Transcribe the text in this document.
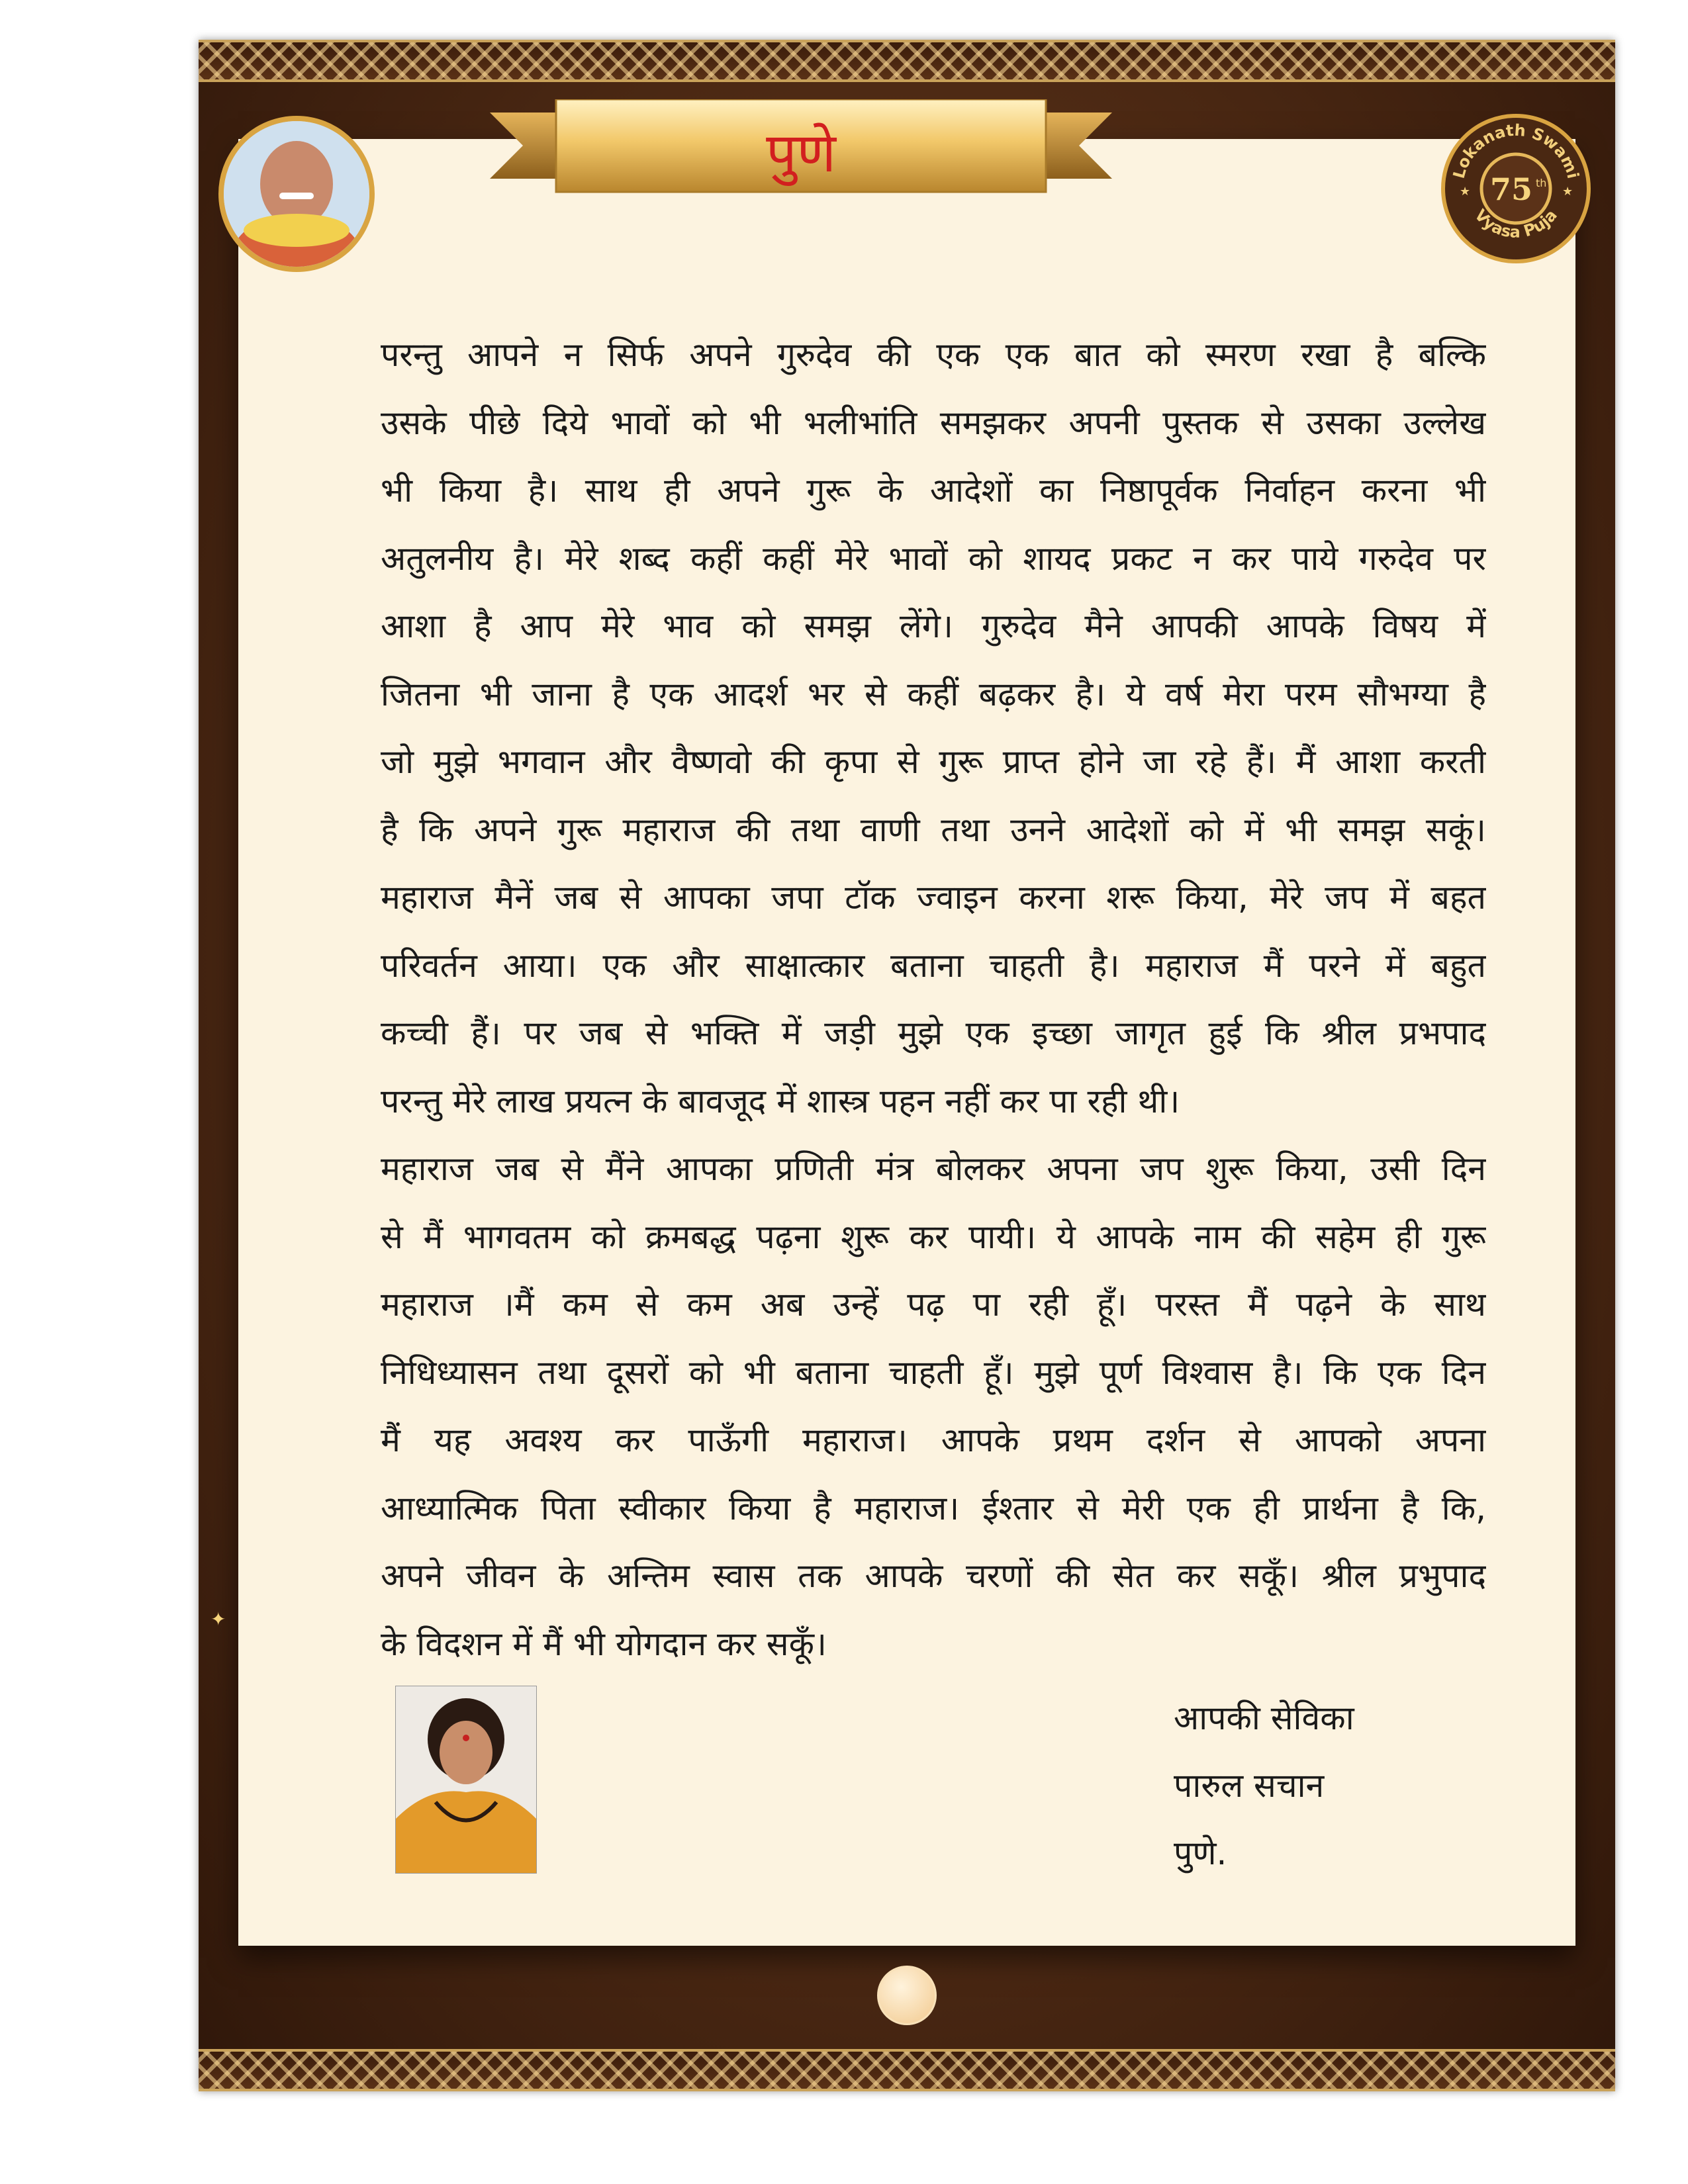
पुणे	Lokanath Swami
Vyasa Puja
75 th
★	★
परन्तु आपने न सिर्फ अपने गुरुदेव की एक एक बात को स्मरण रखा है बल्कि
उसके पीछे दिये भावों को भी भलीभांति समझकर अपनी पुस्तक से उसका उल्लेख
भी किया है। साथ ही अपने गुरू के आदेशों का निष्ठापूर्वक निर्वाहन करना भी
अतुलनीय है। मेरे शब्द कहीं कहीं मेरे भावों को शायद प्रकट न कर पाये गरुदेव पर
आशा है आप मेरे भाव को समझ लेंगे। गुरुदेव मैने आपकी आपके विषय में
जितना भी जाना है एक आदर्श भर से कहीं बढ़कर है। ये वर्ष मेरा परम सौभग्या है
जो मुझे भगवान और वैष्णवो की कृपा से गुरू प्राप्त होने जा रहे हैं। मैं आशा करती
है कि अपने गुरू महाराज की तथा वाणी तथा उनने आदेशों को में भी समझ सकूं।
महाराज मैनें जब से आपका जपा टॉक ज्वाइन करना शरू किया, मेरे जप में बहत
परिवर्तन आया। एक और साक्षात्कार बताना चाहती है। महाराज मैं परने में बहुत
कच्ची हैं। पर जब से भक्ति में जड़ी मुझे एक इच्छा जागृत हुई कि श्रील प्रभपाद
परन्तु मेरे लाख प्रयत्न के बावजूद में शास्त्र पहन नहीं कर पा रही थी।
महाराज जब से मैंने आपका प्रणिती मंत्र बोलकर अपना जप शुरू किया, उसी दिन
से मैं भागवतम को क्रमबद्ध पढ़ना शुरू कर पायी। ये आपके नाम की सहेम ही गुरू
महाराज ।मैं कम से कम अब उन्हें पढ़ पा रही हूँ। परस्त मैं पढ़ने के साथ
निधिध्यासन तथा दूसरों को भी बताना चाहती हूँ। मुझे पूर्ण विश्वास है। कि एक दिन
मैं यह अवश्य कर पाऊँगी महाराज। आपके प्रथम दर्शन से आपको अपना
आध्यात्मिक पिता स्वीकार किया है महाराज। ईश्तार से मेरी एक ही प्रार्थना है कि,
अपने जीवन के अन्तिम स्वास तक आपके चरणों की सेत कर सकूँ। श्रील प्रभुपाद
के विदशन में मैं भी योगदान कर सकूँ।
आपकी सेविका
पारुल सचान
पुणे.
✦
